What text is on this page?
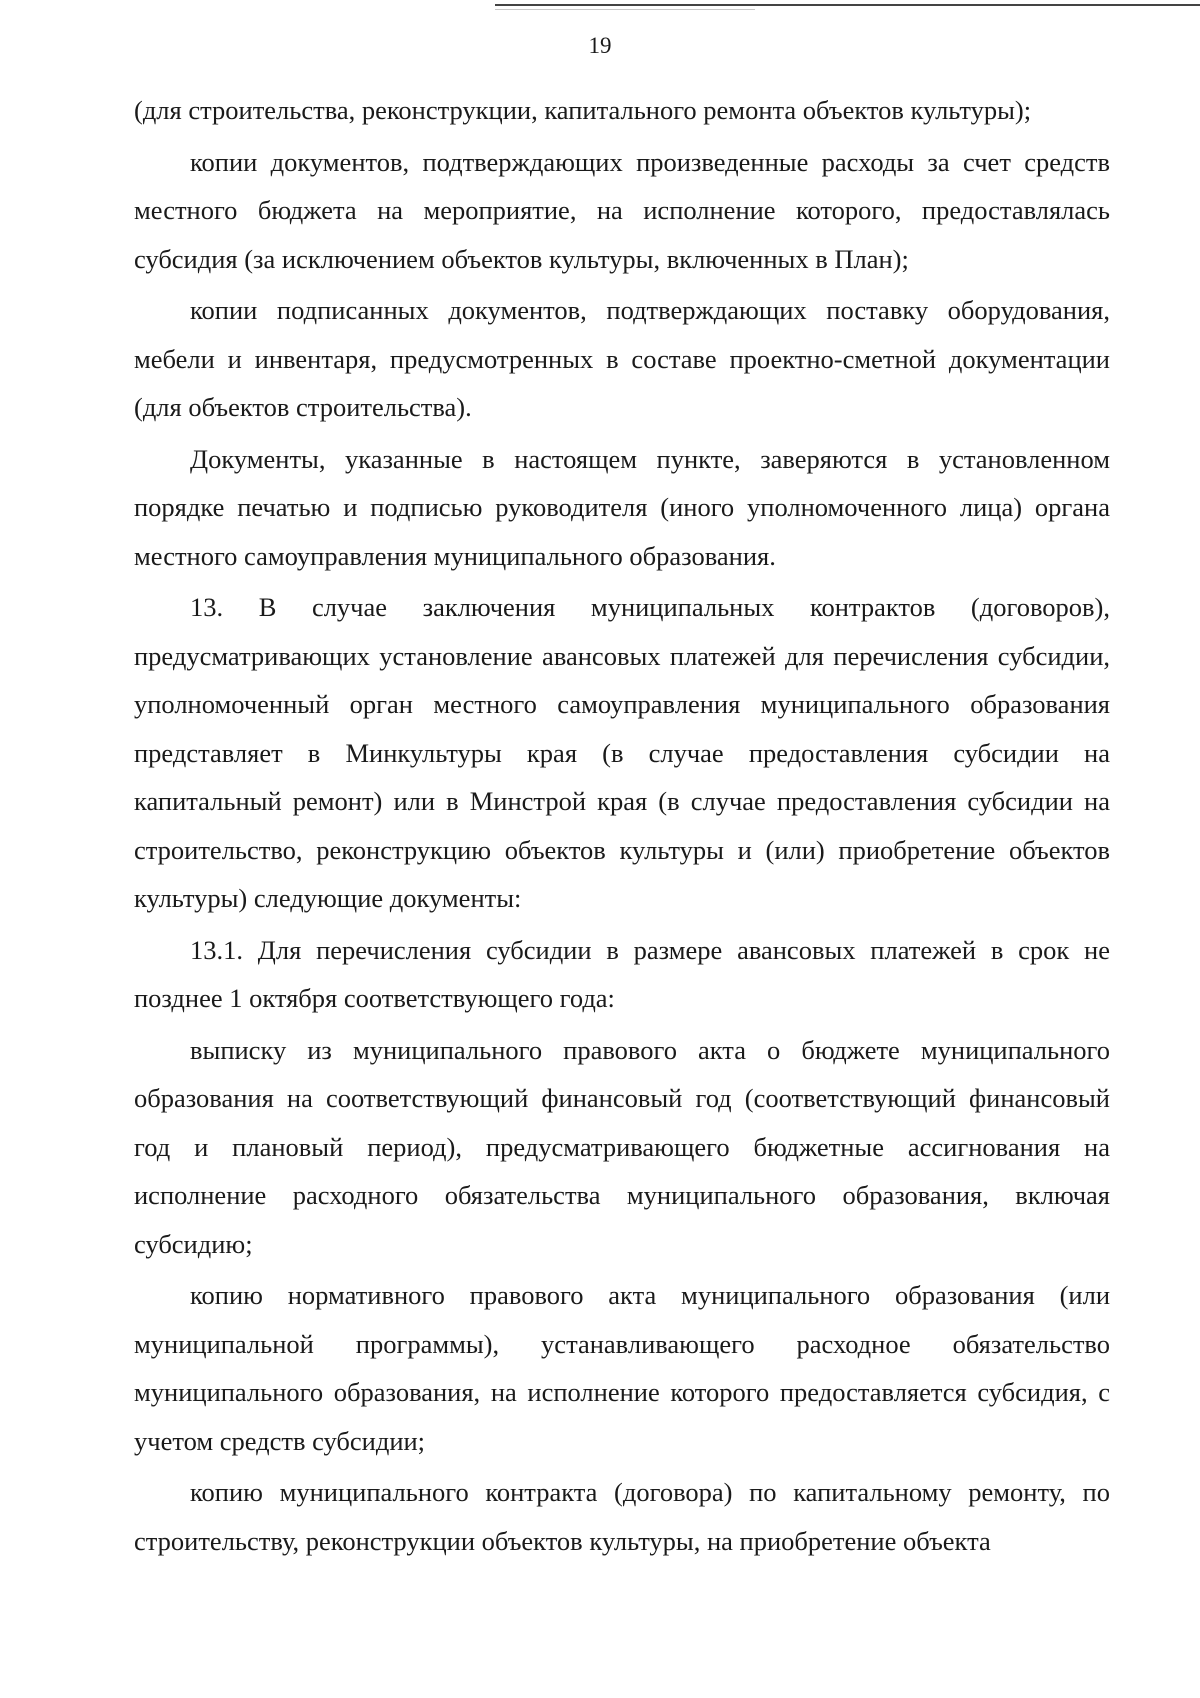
19

(для строительства, реконструкции, капитального ремонта объектов культуры);

копии документов, подтверждающих произведенные расходы за счет средств местного бюджета на мероприятие, на исполнение которого, предоставлялась субсидия (за исключением объектов культуры, включенных в План);

копии подписанных документов, подтверждающих поставку оборудования, мебели и инвентаря, предусмотренных в составе проектно-сметной документации (для объектов строительства).

Документы, указанные в настоящем пункте, заверяются в установленном порядке печатью и подписью руководителя (иного уполномоченного лица) органа местного самоуправления муниципального образования.

13. В случае заключения муниципальных контрактов (договоров), предусматривающих установление авансовых платежей для перечисления субсидии, уполномоченный орган местного самоуправления муниципального образования представляет в Минкультуры края (в случае предоставления субсидии на капитальный ремонт) или в Минстрой края (в случае предоставления субсидии на строительство, реконструкцию объектов культуры и (или) приобретение объектов культуры) следующие документы:

13.1. Для перечисления субсидии в размере авансовых платежей в срок не позднее 1 октября соответствующего года:

выписку из муниципального правового акта о бюджете муниципального образования на соответствующий финансовый год (соответствующий финансовый год и плановый период), предусматривающего бюджетные ассигнования на исполнение расходного обязательства муниципального образования, включая субсидию;

копию нормативного правового акта муниципального образования (или муниципальной программы), устанавливающего расходное обязательство муниципального образования, на исполнение которого предоставляется субсидия, с учетом средств субсидии;

копию муниципального контракта (договора) по капитальному ремонту, по строительству, реконструкции объектов культуры, на приобретение объекта
